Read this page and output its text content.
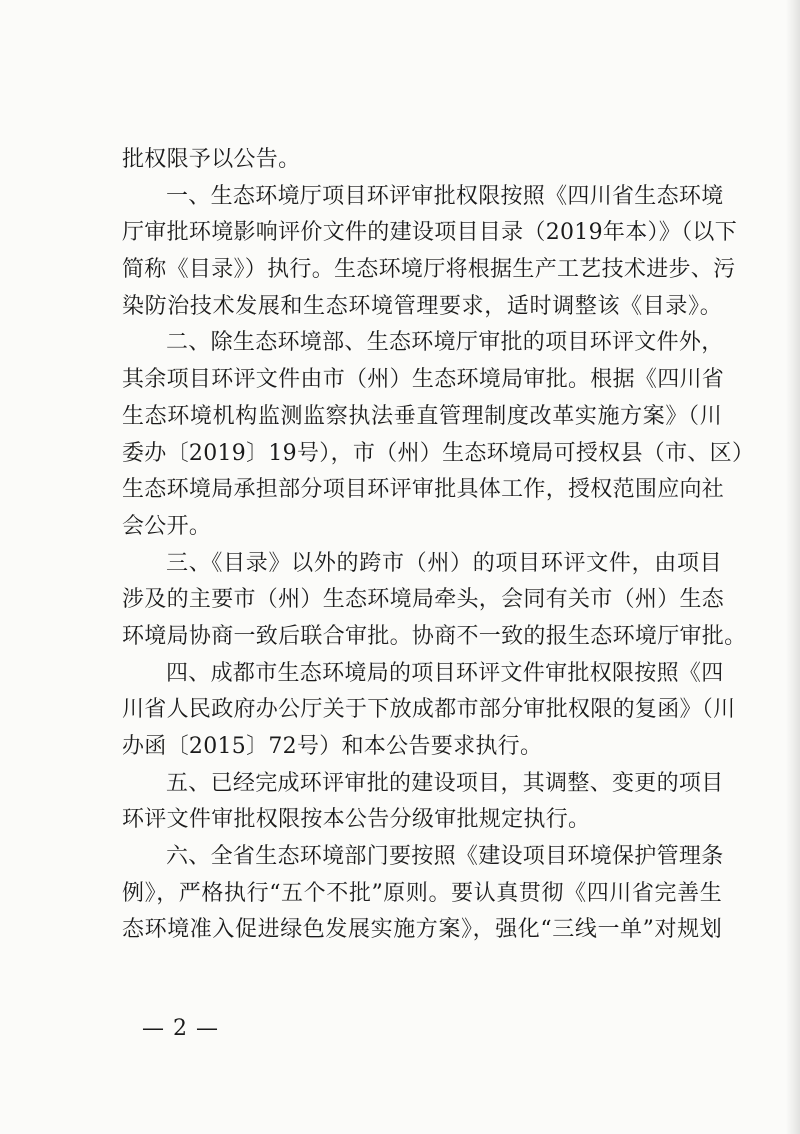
批权限予以公告。
一、生态环境厅项目环评审批权限按照《四川省生态环境
厅审批环境影响评价文件的建设项目目录（2019年本）》（以下
简称《目录》）执行。生态环境厅将根据生产工艺技术进步、污
染防治技术发展和生态环境管理要求，适时调整该《目录》。
二、除生态环境部、生态环境厅审批的项目环评文件外，
其余项目环评文件由市（州）生态环境局审批。根据《四川省
生态环境机构监测监察执法垂直管理制度改革实施方案》（川
委办〔2019〕19号），市（州）生态环境局可授权县（市、区）
生态环境局承担部分项目环评审批具体工作，授权范围应向社
会公开。
三、《目录》以外的跨市（州）的项目环评文件，由项目
涉及的主要市（州）生态环境局牵头，会同有关市（州）生态
环境局协商一致后联合审批。协商不一致的报生态环境厅审批。
四、成都市生态环境局的项目环评文件审批权限按照《四
川省人民政府办公厅关于下放成都市部分审批权限的复函》（川
办函〔2015〕72号）和本公告要求执行。
五、已经完成环评审批的建设项目，其调整、变更的项目
环评文件审批权限按本公告分级审批规定执行。
六、全省生态环境部门要按照《建设项目环境保护管理条
例》，严格执行“五个不批”原则。要认真贯彻《四川省完善生
态环境准入促进绿色发展实施方案》，强化“三线一单”对规划
— 2 —
